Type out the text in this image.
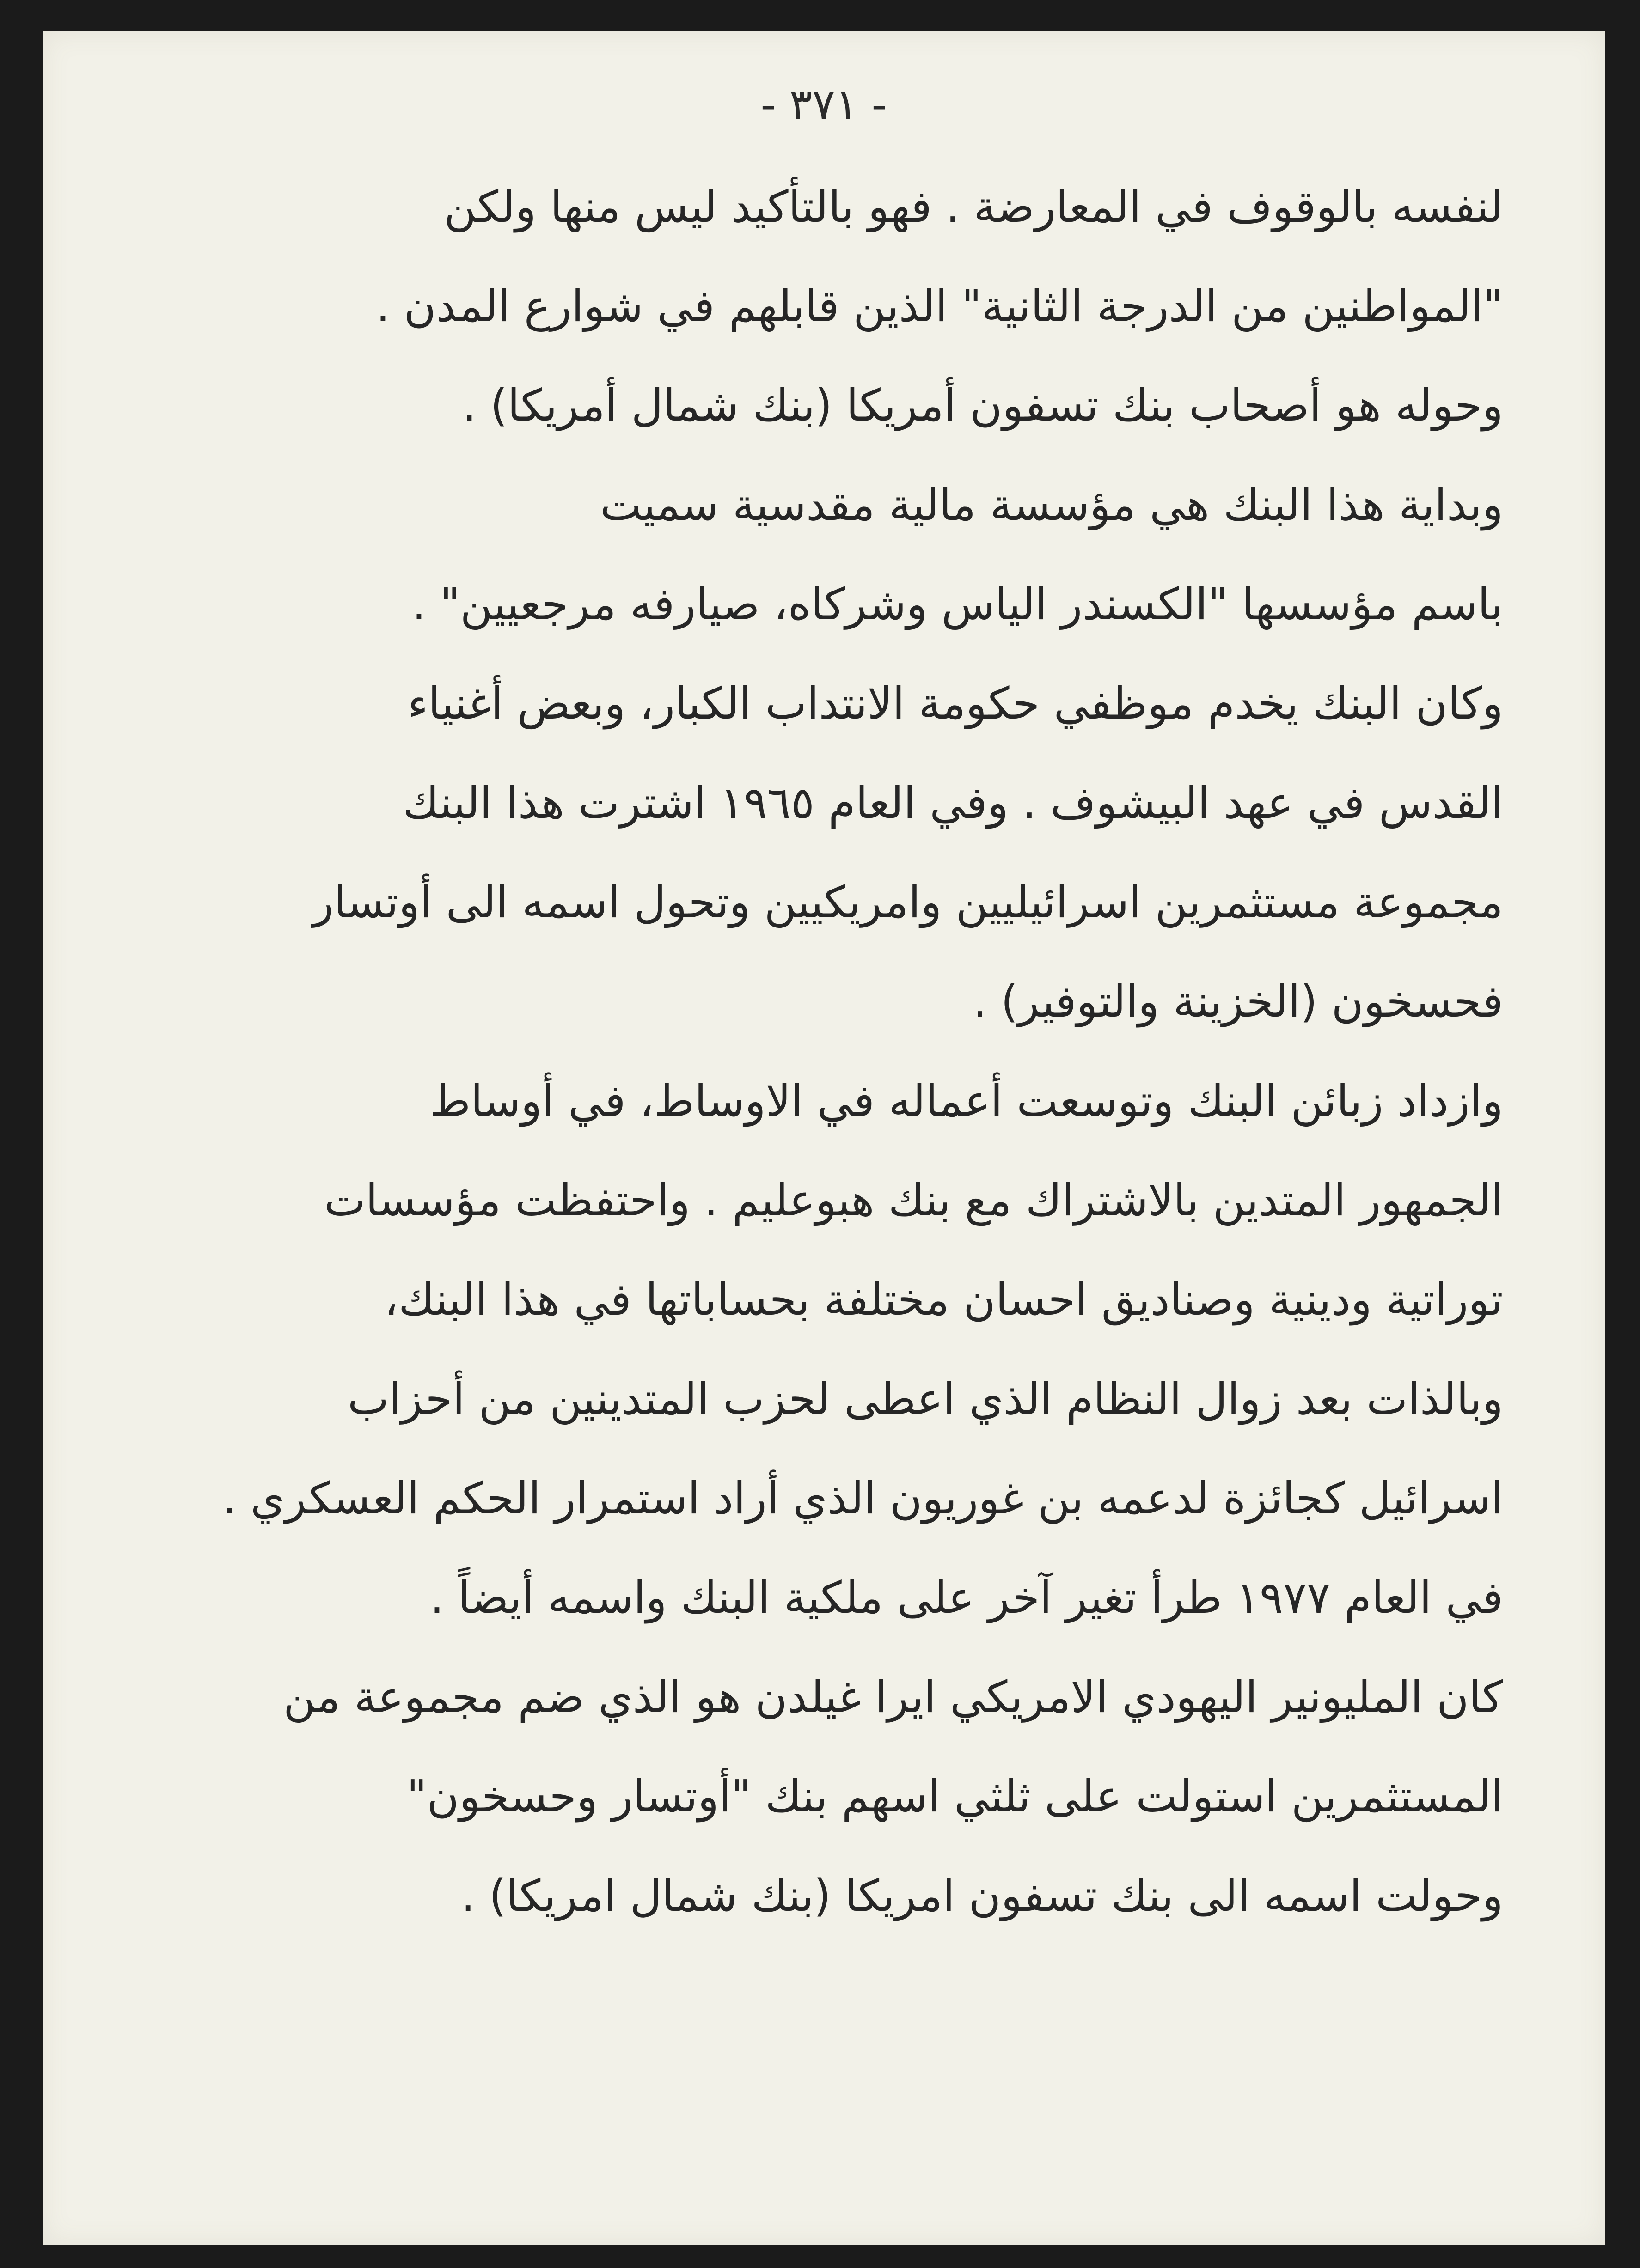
- ٣٧١ -
لنفسه بالوقوف في المعارضة . فهو بالتأكيد ليس منها ولكن
"المواطنين من الدرجة الثانية" الذين قابلهم في شوارع المدن .
وحوله هو أصحاب بنك تسفون أمريكا (بنك شمال أمريكا) .
وبداية هذا البنك هي مؤسسة مالية مقدسية سميت
باسم مؤسسها "الكسندر الياس وشركاه، صيارفه مرجعيين" .
وكان البنك يخدم موظفي حكومة الانتداب الكبار، وبعض أغنياء
القدس في عهد البيشوف . وفي العام ١٩٦٥ اشترت هذا البنك
مجموعة مستثمرين اسرائيليين وامريكيين وتحول اسمه الى أوتسار
فحسخون (الخزينة والتوفير) .
وازداد زبائن البنك وتوسعت أعماله في الاوساط، في أوساط
الجمهور المتدين بالاشتراك مع بنك هبوعليم . واحتفظت مؤسسات
توراتية ودينية وصناديق احسان مختلفة بحساباتها في هذا البنك،
وبالذات بعد زوال النظام الذي اعطى لحزب المتدينين من أحزاب
اسرائيل كجائزة لدعمه بن غوريون الذي أراد استمرار الحكم العسكري .
في العام ١٩٧٧ طرأ تغير آخر على ملكية البنك واسمه أيضاً .
كان المليونير اليهودي الامريكي ايرا غيلدن هو الذي ضم مجموعة من
المستثمرين استولت على ثلثي اسهم بنك "أوتسار وحسخون"
وحولت اسمه الى بنك تسفون امريكا (بنك شمال امريكا) .
